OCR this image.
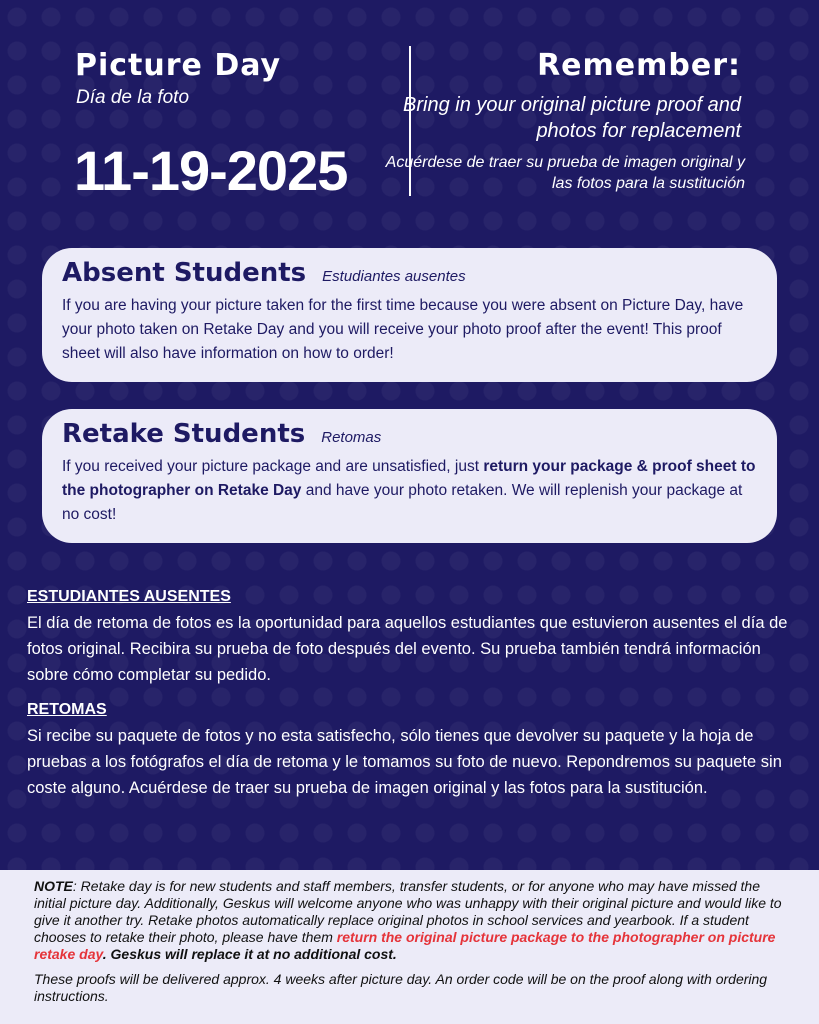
Picture Day
Día de la foto
11-19-2025
Remember:
Bring in your original picture proof and photos for replacement
Acuérdese de traer su prueba de imagen original y las fotos para la sustitución
Absent Students Estudiantes ausentes
If you are having your picture taken for the first time because you were absent on Picture Day, have your photo taken on Retake Day and you will receive your photo proof after the event! This proof sheet will also have information on how to order!
Retake Students Retomas
If you received your picture package and are unsatisfied, just return your package & proof sheet to the photographer on Retake Day and have your photo retaken. We will replenish your package at no cost!
ESTUDIANTES AUSENTES
El día de retoma de fotos es la oportunidad para aquellos estudiantes que estuvieron ausentes el día de fotos original. Recibira su prueba de foto después del evento. Su prueba también tendrá información sobre cómo completar su pedido.
RETOMAS
Si recibe su paquete de fotos y no esta satisfecho, sólo tienes que devolver su paquete y la hoja de pruebas a los fotógrafos el día de retoma y le tomamos su foto de nuevo. Repondremos su paquete sin coste alguno. Acuérdese de traer su prueba de imagen original y las fotos para la sustitución.

NOTE: Retake day is for new students and staff members, transfer students, or for anyone who may have missed the initial picture day. Additionally, Geskus will welcome anyone who was unhappy with their original picture and would like to give it another try. Retake photos automatically replace original photos in school services and yearbook. If a student chooses to retake their photo, please have them return the original picture package to the photographer on picture retake day. Geskus will replace it at no additional cost.

These proofs will be delivered approx. 4 weeks after picture day. An order code will be on the proof along with ordering instructions.
